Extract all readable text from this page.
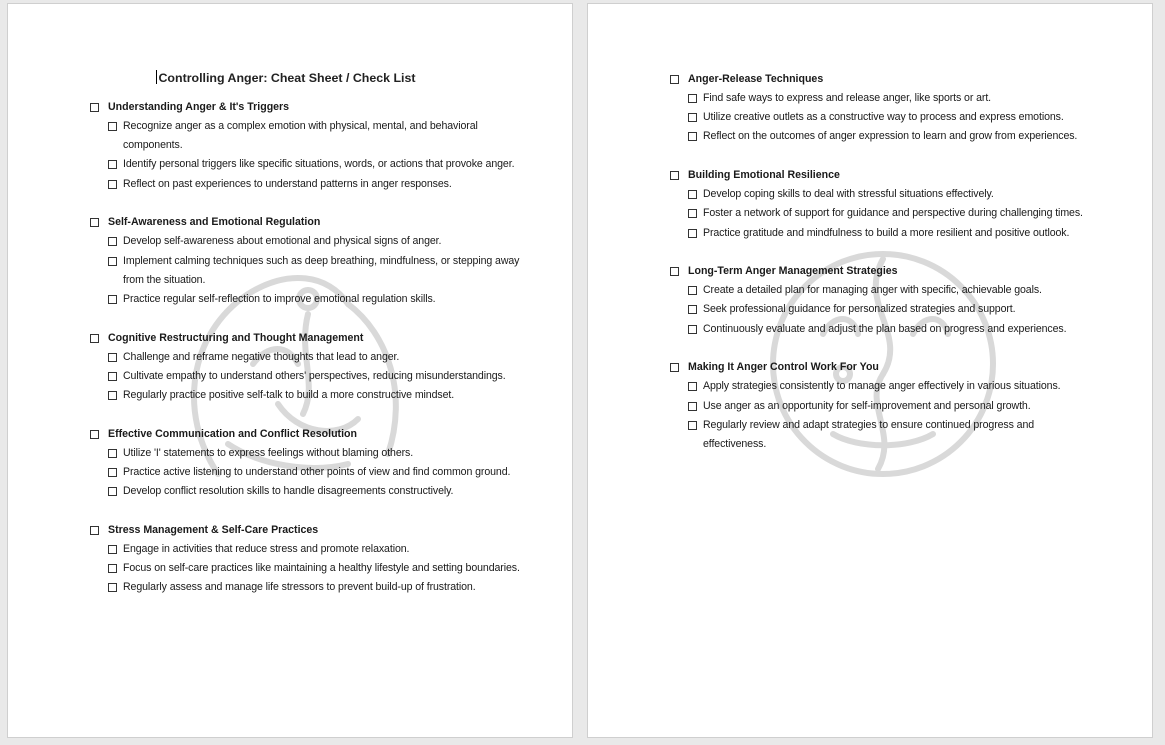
Controlling Anger: Cheat Sheet / Check List
Understanding Anger & It's Triggers
Recognize anger as a complex emotion with physical, mental, and behavioral components.
Identify personal triggers like specific situations, words, or actions that provoke anger.
Reflect on past experiences to understand patterns in anger responses.
Self-Awareness and Emotional Regulation
Develop self-awareness about emotional and physical signs of anger.
Implement calming techniques such as deep breathing, mindfulness, or stepping away from the situation.
Practice regular self-reflection to improve emotional regulation skills.
Cognitive Restructuring and Thought Management
Challenge and reframe negative thoughts that lead to anger.
Cultivate empathy to understand others' perspectives, reducing misunderstandings.
Regularly practice positive self-talk to build a more constructive mindset.
Effective Communication and Conflict Resolution
Utilize 'I' statements to express feelings without blaming others.
Practice active listening to understand other points of view and find common ground.
Develop conflict resolution skills to handle disagreements constructively.
Stress Management & Self-Care Practices
Engage in activities that reduce stress and promote relaxation.
Focus on self-care practices like maintaining a healthy lifestyle and setting boundaries.
Regularly assess and manage life stressors to prevent build-up of frustration.
Anger-Release Techniques
Find safe ways to express and release anger, like sports or art.
Utilize creative outlets as a constructive way to process and express emotions.
Reflect on the outcomes of anger expression to learn and grow from experiences.
Building Emotional Resilience
Develop coping skills to deal with stressful situations effectively.
Foster a network of support for guidance and perspective during challenging times.
Practice gratitude and mindfulness to build a more resilient and positive outlook.
Long-Term Anger Management Strategies
Create a detailed plan for managing anger with specific, achievable goals.
Seek professional guidance for personalized strategies and support.
Continuously evaluate and adjust the plan based on progress and experiences.
Making It Anger Control Work For You
Apply strategies consistently to manage anger effectively in various situations.
Use anger as an opportunity for self-improvement and personal growth.
Regularly review and adapt strategies to ensure continued progress and effectiveness.
